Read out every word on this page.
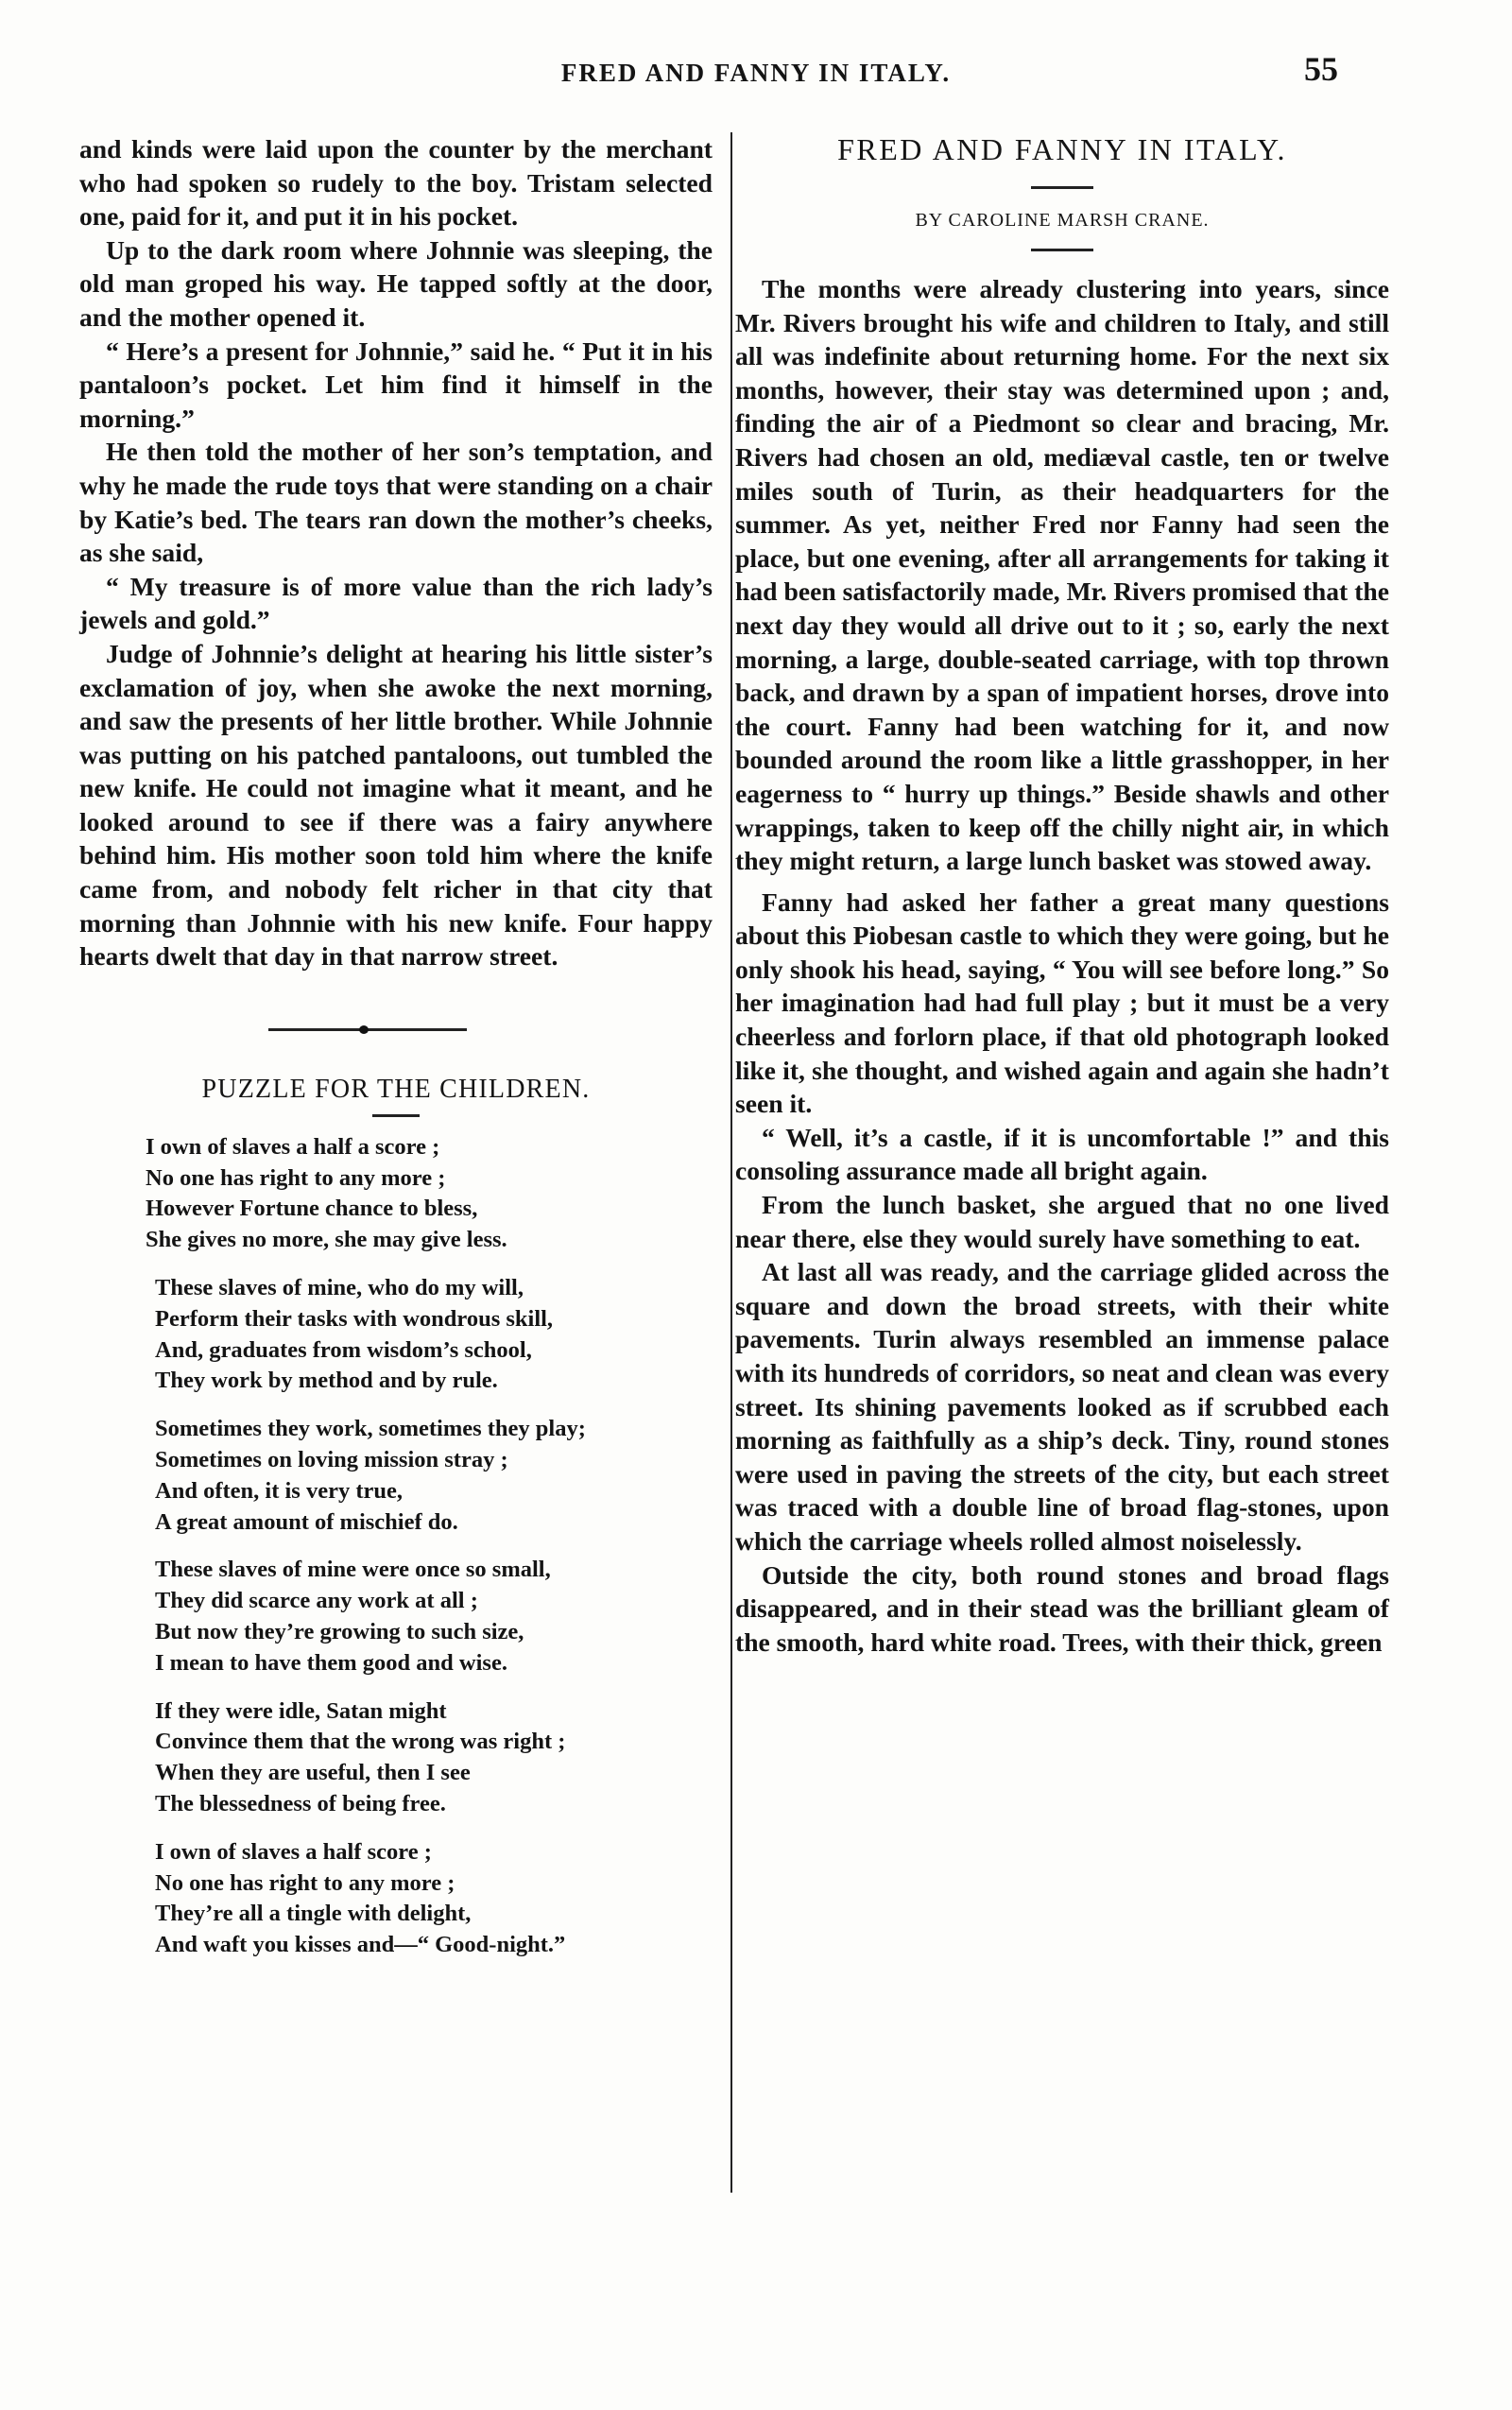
FRED AND FANNY IN ITALY.	55

and kinds were laid upon the counter by the merchant who had spoken so rudely to the boy. Tristam selected one, paid for it, and put it in his pocket.

Up to the dark room where Johnnie was sleeping, the old man groped his way. He tapped softly at the door, and the mother opened it.

“ Here’s a present for Johnnie,” said he. “ Put it in his pantaloon’s pocket. Let him find it himself in the morning.”

He then told the mother of her son’s temptation, and why he made the rude toys that were standing on a chair by Katie’s bed. The tears ran down the mother’s cheeks, as she said,

“ My treasure is of more value than the rich lady’s jewels and gold.”

Judge of Johnnie’s delight at hearing his little sister’s exclamation of joy, when she awoke the next morning, and saw the presents of her little brother. While Johnnie was putting on his patched pantaloons, out tumbled the new knife. He could not imagine what it meant, and he looked around to see if there was a fairy anywhere behind him. His mother soon told him where the knife came from, and nobody felt richer in that city that morning than Johnnie with his new knife. Four happy hearts dwelt that day in that narrow street.

PUZZLE FOR THE CHILDREN.
I own of slaves a half a score ;
No one has right to any more ;
However Fortune chance to bless,
She gives no more, she may give less.
These slaves of mine, who do my will,
Perform their tasks with wondrous skill,
And, graduates from wisdom’s school,
They work by method and by rule.
Sometimes they work, sometimes they play;
Sometimes on loving mission stray ;
And often, it is very true,
A great amount of mischief do.
These slaves of mine were once so small,
They did scarce any work at all ;
But now they’re growing to such size,
I mean to have them good and wise.
If they were idle, Satan might
Convince them that the wrong was right ;
When they are useful, then I see
The blessedness of being free.
I own of slaves a half score ;
No one has right to any more ;
They’re all a tingle with delight,
And waft you kisses and—“ Good-night.”
FRED AND FANNY IN ITALY.
BY CAROLINE MARSH CRANE.

The months were already clustering into years, since Mr. Rivers brought his wife and children to Italy, and still all was indefinite about returning home. For the next six months, however, their stay was determined upon ; and, finding the air of a Piedmont so clear and bracing, Mr. Rivers had chosen an old, mediæval castle, ten or twelve miles south of Turin, as their headquarters for the summer. As yet, neither Fred nor Fanny had seen the place, but one evening, after all arrangements for taking it had been satisfactorily made, Mr. Rivers promised that the next day they would all drive out to it ; so, early the next morning, a large, double-seated carriage, with top thrown back, and drawn by a span of impatient horses, drove into the court. Fanny had been watching for it, and now bounded around the room like a little grasshopper, in her eagerness to “ hurry up things.” Beside shawls and other wrappings, taken to keep off the chilly night air, in which they might return, a large lunch basket was stowed away.

Fanny had asked her father a great many questions about this Piobesan castle to which they were going, but he only shook his head, saying, “ You will see before long.” So her imagination had had full play ; but it must be a very cheerless and forlorn place, if that old photograph looked like it, she thought, and wished again and again she hadn’t seen it.

“ Well, it’s a castle, if it is uncomfortable !” and this consoling assurance made all bright again.

From the lunch basket, she argued that no one lived near there, else they would surely have something to eat.

At last all was ready, and the carriage glided across the square and down the broad streets, with their white pavements. Turin always resembled an immense palace with its hundreds of corridors, so neat and clean was every street. Its shining pavements looked as if scrubbed each morning as faithfully as a ship’s deck. Tiny, round stones were used in paving the streets of the city, but each street was traced with a double line of broad flag-stones, upon which the carriage wheels rolled almost noiselessly.

Outside the city, both round stones and broad flags disappeared, and in their stead was the brilliant gleam of the smooth, hard white road. Trees, with their thick, green
